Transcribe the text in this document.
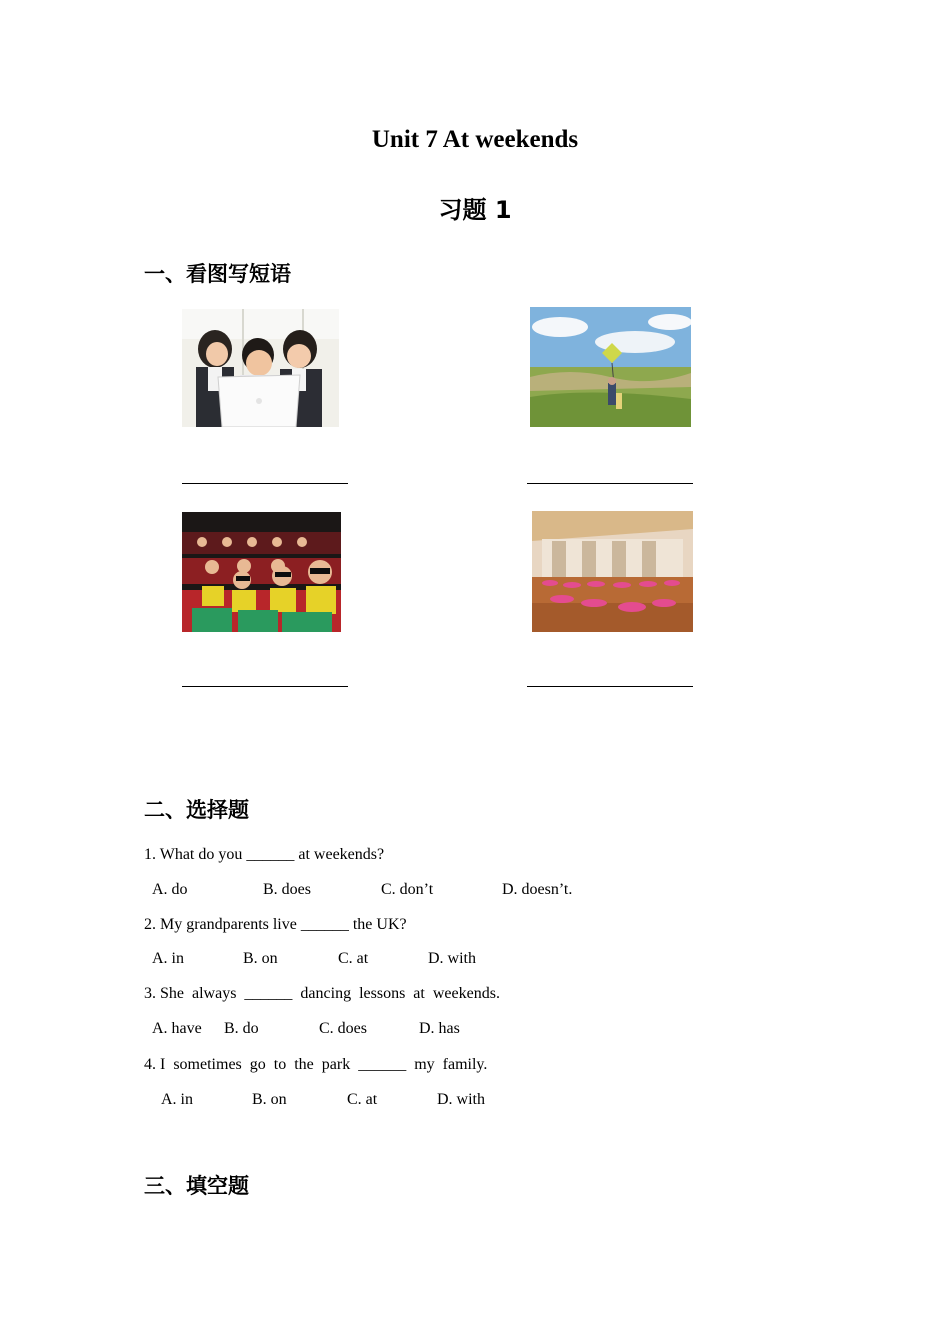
Unit 7 At weekends
习题 1
一、看图写短语
二、选择题
1. What do you ______ at weekends?
A. do	B. does	C. don’t	D. doesn’t.
2. My grandparents live ______ the UK?
A. in	B. on	C. at	D. with
3. She  always  ______  dancing  lessons  at  weekends.
A. have B. do	C. does	D. has
4. I  sometimes  go  to  the  park  ______  my  family.
A. in	B. on	C. at	D. with
三、填空题
